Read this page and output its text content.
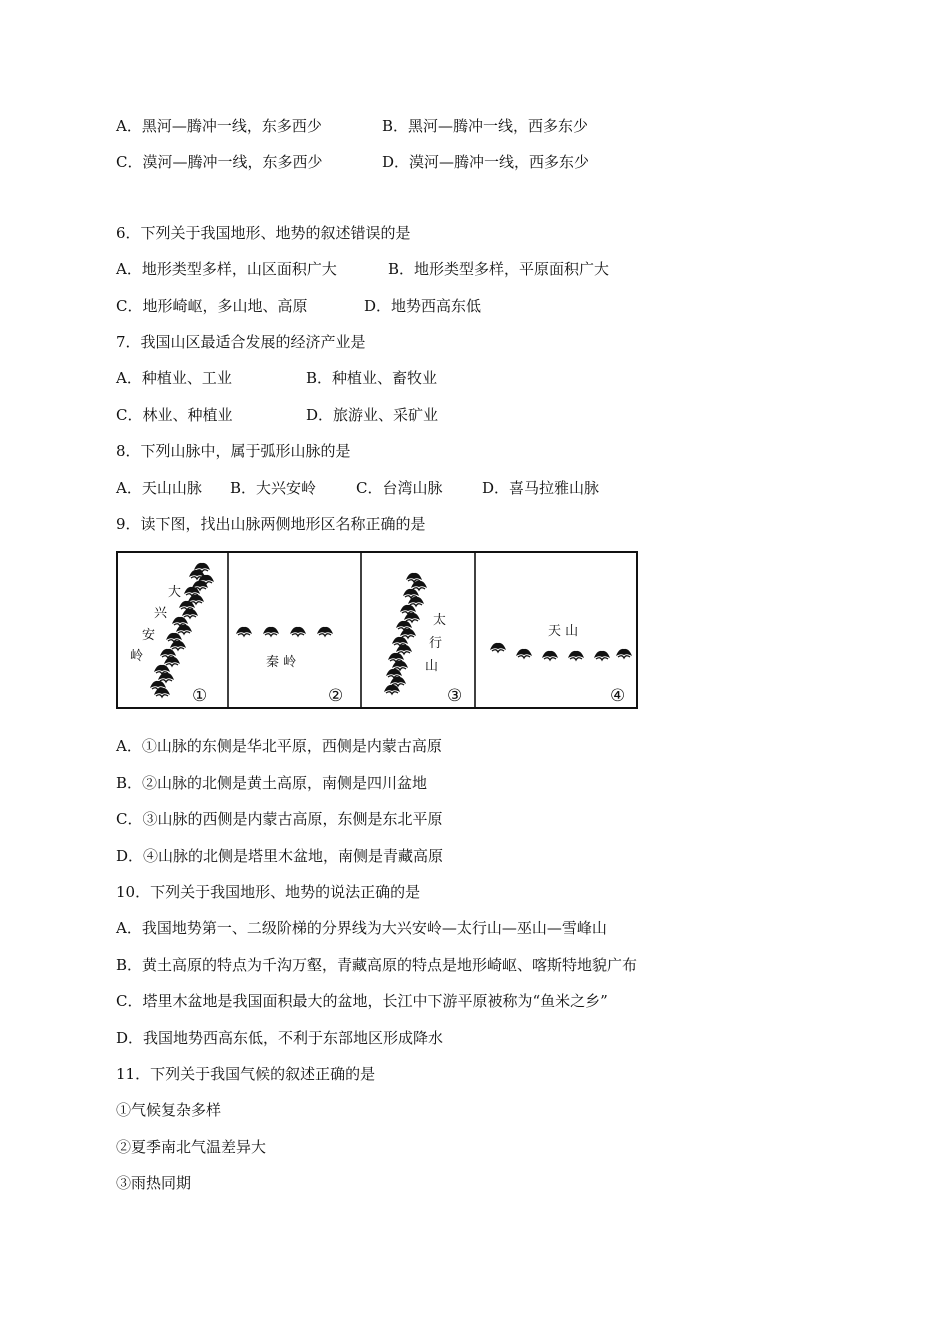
A．黑河—腾冲一线，东多西少

	B．黑河—腾冲一线，西多东少

C．漠河—腾冲一线，东多西少

	D．漠河—腾冲一线，西多东少

6．下列关于我国地形、地势的叙述错误的是

A．地形类型多样，山区面积广大

	B．地形类型多样，平原面积广大

C．地形崎岖，多山地、高原

	D．地势西高东低

7．我国山区最适合发展的经济产业是

A．种植业、工业

	B．种植业、畜牧业

C．林业、种植业

	D．旅游业、采矿业

8．下列山脉中，属于弧形山脉的是

A．天山山脉

B．大兴安岭

	C．台湾山脉

	D．喜马拉雅山脉

9．读下图，找出山脉两侧地形区名称正确的是
大
兴
安
岭
①
秦 岭
②
太
行
山
③
天 山
④
A．①山脉的东侧是华北平原，西侧是内蒙古高原
B．②山脉的北侧是黄土高原，南侧是四川盆地
C．③山脉的西侧是内蒙古高原，东侧是东北平原
D．④山脉的北侧是塔里木盆地，南侧是青藏高原
10．下列关于我国地形、地势的说法正确的是
A．我国地势第一、二级阶梯的分界线为大兴安岭—太行山—巫山—雪峰山
B．黄土高原的特点为千沟万壑，青藏高原的特点是地形崎岖、喀斯特地貌广布
C．塔里木盆地是我国面积最大的盆地，长江中下游平原被称为“鱼米之乡”
D．我国地势西高东低，不利于东部地区形成降水
11．下列关于我国气候的叙述正确的是
①气候复杂多样
②夏季南北气温差异大
③雨热同期
